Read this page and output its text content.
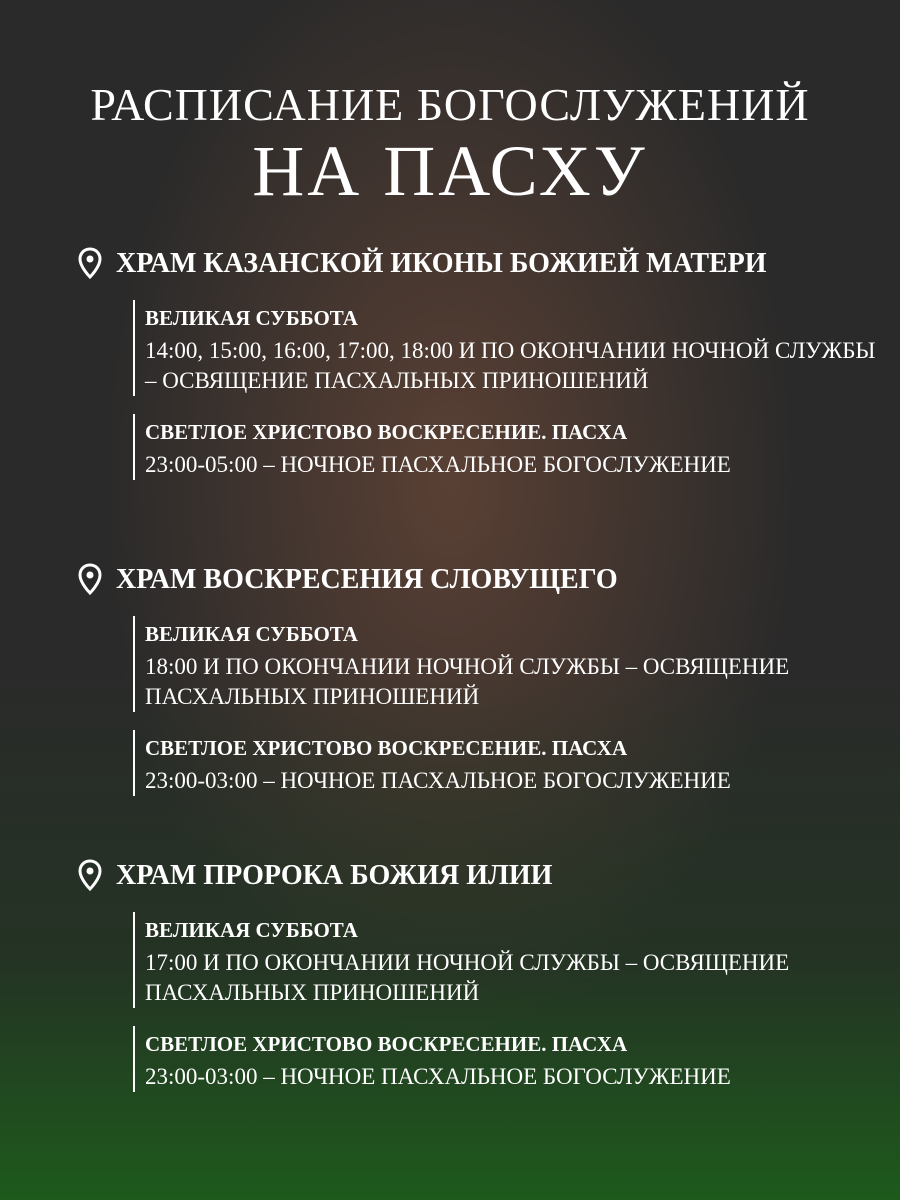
РАСПИСАНИЕ БОГОСЛУЖЕНИЙ
НА ПАСХУ
ХРАМ КАЗАНСКОЙ ИКОНЫ БОЖИЕЙ МАТЕРИ
ВЕЛИКАЯ СУББОТА
14:00, 15:00, 16:00, 17:00, 18:00 И ПО ОКОНЧАНИИ НОЧНОЙ СЛУЖБЫ – ОСВЯЩЕНИЕ ПАСХАЛЬНЫХ ПРИНОШЕНИЙ
СВЕТЛОЕ ХРИСТОВО ВОСКРЕСЕНИЕ. ПАСХА
23:00-05:00 – НОЧНОЕ ПАСХАЛЬНОЕ БОГОСЛУЖЕНИЕ
ХРАМ ВОСКРЕСЕНИЯ СЛОВУЩЕГО
ВЕЛИКАЯ СУББОТА
18:00 И ПО ОКОНЧАНИИ НОЧНОЙ СЛУЖБЫ – ОСВЯЩЕНИЕ ПАСХАЛЬНЫХ ПРИНОШЕНИЙ
СВЕТЛОЕ ХРИСТОВО ВОСКРЕСЕНИЕ. ПАСХА
23:00-03:00 – НОЧНОЕ ПАСХАЛЬНОЕ БОГОСЛУЖЕНИЕ
ХРАМ ПРОРОКА БОЖИЯ ИЛИИ
ВЕЛИКАЯ СУББОТА
17:00 И ПО ОКОНЧАНИИ НОЧНОЙ СЛУЖБЫ – ОСВЯЩЕНИЕ ПАСХАЛЬНЫХ ПРИНОШЕНИЙ
СВЕТЛОЕ ХРИСТОВО ВОСКРЕСЕНИЕ. ПАСХА
23:00-03:00 – НОЧНОЕ ПАСХАЛЬНОЕ БОГОСЛУЖЕНИЕ
